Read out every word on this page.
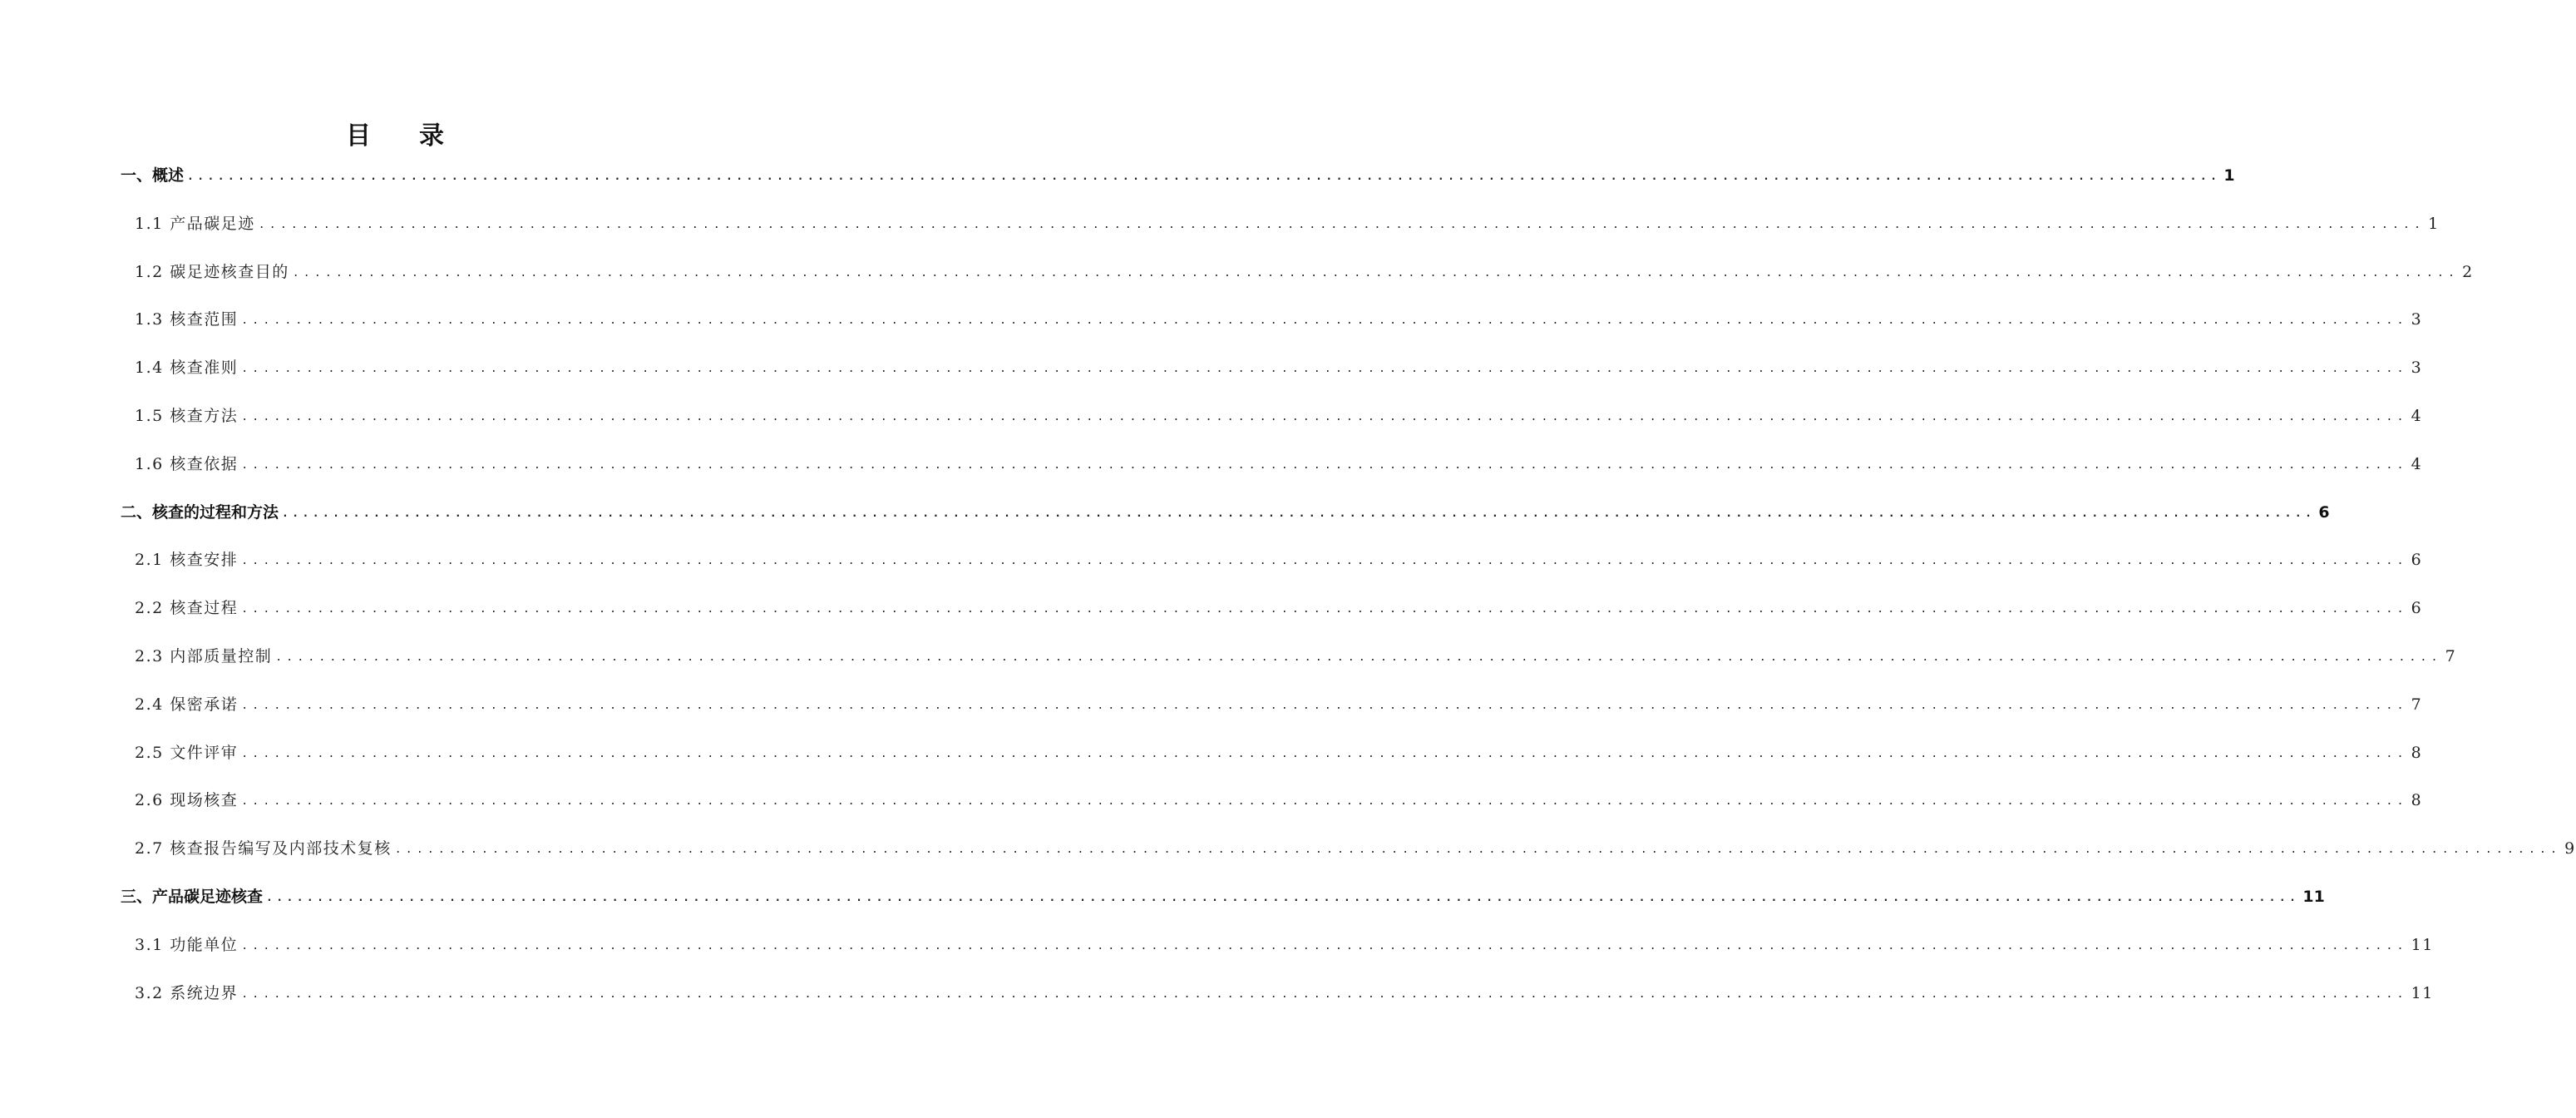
目 录
一、概述 ........................................................................................................................................................................................................ 1
1.1 产品碳足迹 ........................................................................................................................................................................................................ 1
1.2 碳足迹核查目的 ........................................................................................................................................................................................................ 2
1.3 核查范围 ........................................................................................................................................................................................................ 3
1.4 核查准则 ........................................................................................................................................................................................................ 3
1.5 核查方法 ........................................................................................................................................................................................................ 4
1.6 核查依据 ........................................................................................................................................................................................................ 4
二、核查的过程和方法 ........................................................................................................................................................................................................ 6
2.1 核查安排 ........................................................................................................................................................................................................ 6
2.2 核查过程 ........................................................................................................................................................................................................ 6
2.3 内部质量控制 ........................................................................................................................................................................................................ 7
2.4 保密承诺 ........................................................................................................................................................................................................ 7
2.5 文件评审 ........................................................................................................................................................................................................ 8
2.6 现场核查 ........................................................................................................................................................................................................ 8
2.7 核查报告编写及内部技术复核 ........................................................................................................................................................................................................ 9
三、产品碳足迹核查 ........................................................................................................................................................................................................ 11
3.1 功能单位 ........................................................................................................................................................................................................ 11
3.2 系统边界 ........................................................................................................................................................................................................ 11
